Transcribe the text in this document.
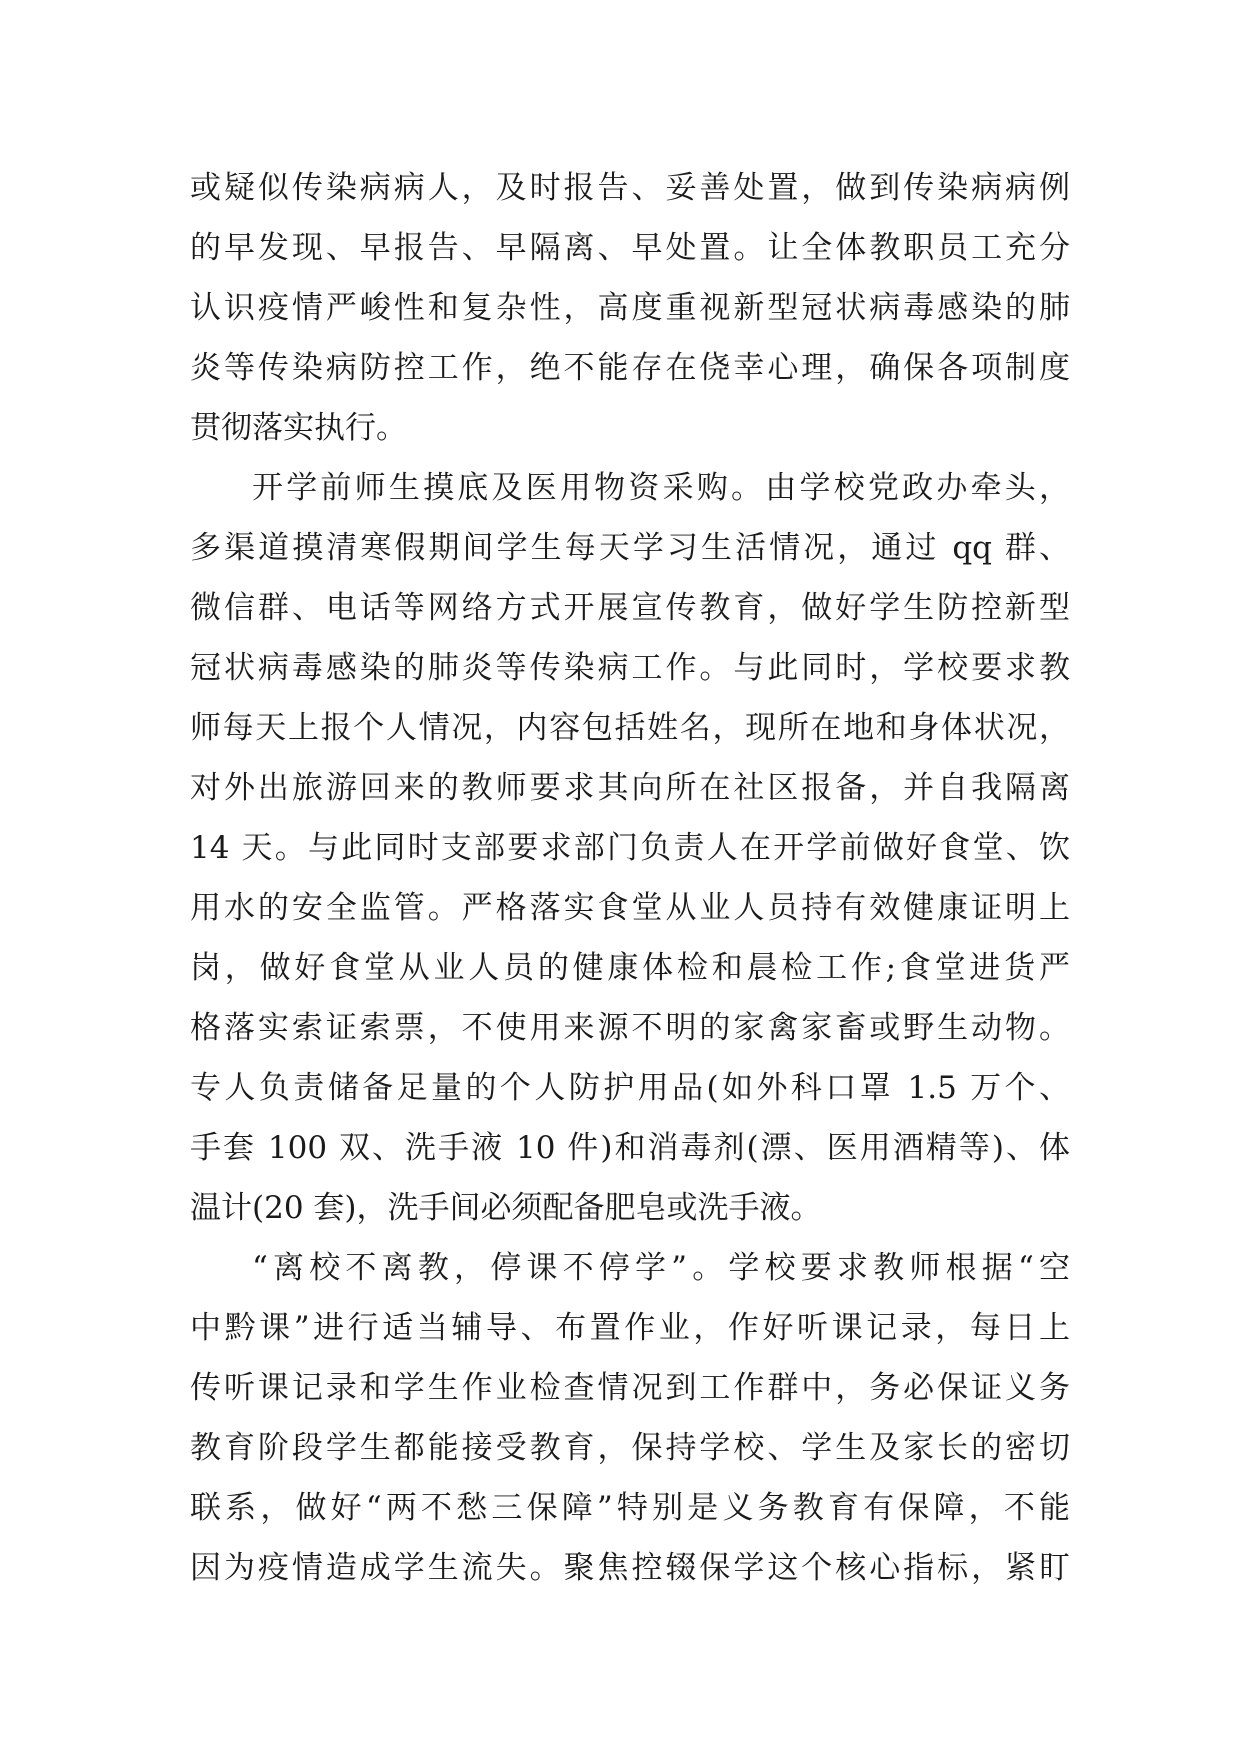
或疑似传染病病人，及时报告、妥善处置，做到传染病病例
的早发现、早报告、早隔离、早处置。让全体教职员工充分
认识疫情严峻性和复杂性，高度重视新型冠状病毒感染的肺
炎等传染病防控工作，绝不能存在侥幸心理，确保各项制度
贯彻落实执行。
开学前师生摸底及医用物资采购。由学校党政办牵头，
多渠道摸清寒假期间学生每天学习生活情况，通过 qq 群、
微信群、电话等网络方式开展宣传教育，做好学生防控新型
冠状病毒感染的肺炎等传染病工作。与此同时，学校要求教
师每天上报个人情况，内容包括姓名，现所在地和身体状况，
对外出旅游回来的教师要求其向所在社区报备，并自我隔离
14 天。与此同时支部要求部门负责人在开学前做好食堂、饮
用水的安全监管。严格落实食堂从业人员持有效健康证明上
岗，做好食堂从业人员的健康体检和晨检工作;食堂进货严
格落实索证索票，不使用来源不明的家禽家畜或野生动物。
专人负责储备足量的个人防护用品(如外科口罩 1.5 万个、
手套 100 双、洗手液 10 件)和消毒剂(漂、医用酒精等)、体
温计(20 套)，洗手间必须配备肥皂或洗手液。
“离校不离教，停课不停学”。学校要求教师根据“空
中黔课”进行适当辅导、布置作业，作好听课记录，每日上
传听课记录和学生作业检查情况到工作群中，务必保证义务
教育阶段学生都能接受教育，保持学校、学生及家长的密切
联系，做好“两不愁三保障”特别是义务教育有保障，不能
因为疫情造成学生流失。聚焦控辍保学这个核心指标，紧盯
